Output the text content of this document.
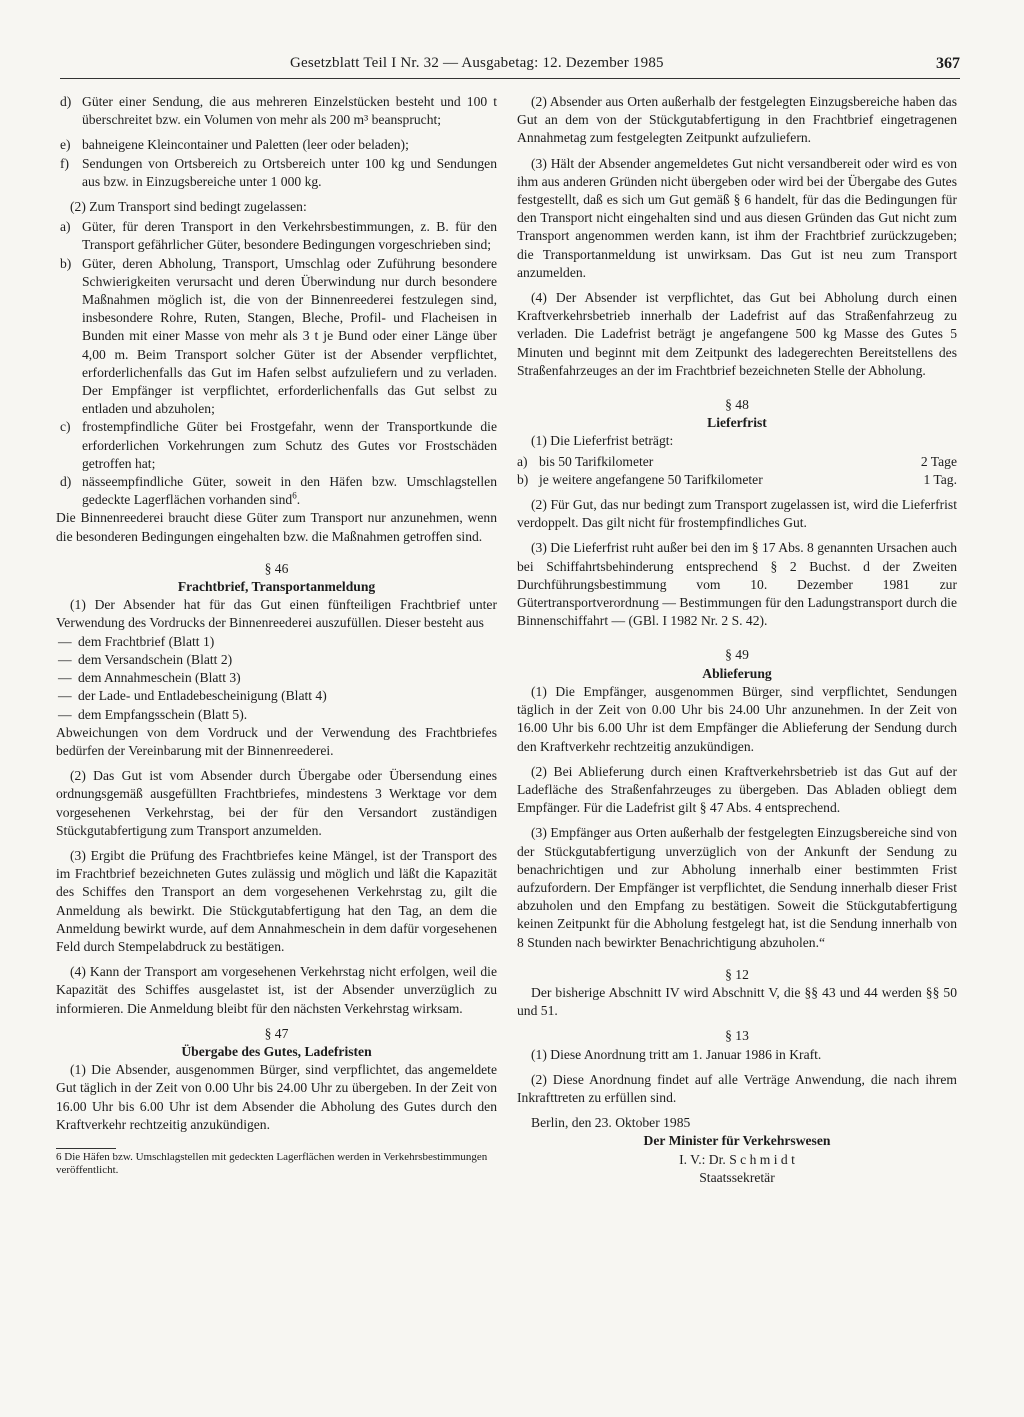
Gesetzblatt Teil I Nr. 32 — Ausgabetag: 12. Dezember 1985	367
d) Güter einer Sendung, die aus mehreren Einzelstücken besteht und 100 t überschreitet bzw. ein Volumen von mehr als 200 m³ beansprucht;
e) bahneigene Kleincontainer und Paletten (leer oder beladen);
f) Sendungen von Ortsbereich zu Ortsbereich unter 100 kg und Sendungen aus bzw. in Einzugsbereiche unter 1 000 kg.

(2) Zum Transport sind bedingt zugelassen:

a) Güter, für deren Transport in den Verkehrsbestimmungen, z. B. für den Transport gefährlicher Güter, besondere Bedingungen vorgeschrieben sind;
b) Güter, deren Abholung, Transport, Umschlag oder Zuführung besondere Schwierigkeiten verursacht und deren Überwindung nur durch besondere Maßnahmen möglich ist, die von der Binnenreederei festzulegen sind, insbesondere Rohre, Ruten, Stangen, Bleche, Profil- und Flacheisen in Bunden mit einer Masse von mehr als 3 t je Bund oder einer Länge über 4,00 m. Beim Transport solcher Güter ist der Absender verpflichtet, erforderlichenfalls das Gut im Hafen selbst aufzuliefern und zu verladen. Der Empfänger ist verpflichtet, erforderlichenfalls das Gut selbst zu entladen und abzuholen;
c) frostempfindliche Güter bei Frostgefahr, wenn der Transportkunde die erforderlichen Vorkehrungen zum Schutz des Gutes vor Frostschäden getroffen hat;
d) nässeempfindliche Güter, soweit in den Häfen bzw. Umschlagstellen gedeckte Lagerflächen vorhanden sind$^6$.

Die Binnenreederei braucht diese Güter zum Transport nur anzunehmen, wenn die besonderen Bedingungen eingehalten bzw. die Maßnahmen getroffen sind.

§ 46

Frachtbrief, Transportanmeldung

(1) Der Absender hat für das Gut einen fünfteiligen Frachtbrief unter Verwendung des Vordrucks der Binnenreederei auszufüllen. Dieser besteht aus

— dem Frachtbrief (Blatt 1)
— dem Versandschein (Blatt 2)
— dem Annahmeschein (Blatt 3)
— der Lade- und Entladebescheinigung (Blatt 4)
— dem Empfangsschein (Blatt 5).

Abweichungen von dem Vordruck und der Verwendung des Frachtbriefes bedürfen der Vereinbarung mit der Binnenreederei.

(2) Das Gut ist vom Absender durch Übergabe oder Übersendung eines ordnungsgemäß ausgefüllten Frachtbriefes, mindestens 3 Werktage vor dem vorgesehenen Verkehrstag, bei der für den Versandort zuständigen Stückgutabfertigung zum Transport anzumelden.

(3) Ergibt die Prüfung des Frachtbriefes keine Mängel, ist der Transport des im Frachtbrief bezeichneten Gutes zulässig und möglich und läßt die Kapazität des Schiffes den Transport an dem vorgesehenen Verkehrstag zu, gilt die Anmeldung als bewirkt. Die Stückgutabfertigung hat den Tag, an dem die Anmeldung bewirkt wurde, auf dem Annahmeschein in dem dafür vorgesehenen Feld durch Stempelabdruck zu bestätigen.

(4) Kann der Transport am vorgesehenen Verkehrstag nicht erfolgen, weil die Kapazität des Schiffes ausgelastet ist, ist der Absender unverzüglich zu informieren. Die Anmeldung bleibt für den nächsten Verkehrstag wirksam.

§ 47

Übergabe des Gutes, Ladefristen

(1) Die Absender, ausgenommen Bürger, sind verpflichtet, das angemeldete Gut täglich in der Zeit von 0.00 Uhr bis 24.00 Uhr zu übergeben. In der Zeit von 16.00 Uhr bis 6.00 Uhr ist dem Absender die Abholung des Gutes durch den Kraftverkehr rechtzeitig anzukündigen.

6 Die Häfen bzw. Umschlagstellen mit gedeckten Lagerflächen werden in Verkehrsbestimmungen veröffentlicht.

(2) Absender aus Orten außerhalb der festgelegten Einzugsbereiche haben das Gut an dem von der Stückgutabfertigung in den Frachtbrief eingetragenen Annahmetag zum festgelegten Zeitpunkt aufzuliefern.

(3) Hält der Absender angemeldetes Gut nicht versandbereit oder wird es von ihm aus anderen Gründen nicht übergeben oder wird bei der Übergabe des Gutes festgestellt, daß es sich um Gut gemäß § 6 handelt, für das die Bedingungen für den Transport nicht eingehalten sind und aus diesen Gründen das Gut nicht zum Transport angenommen werden kann, ist ihm der Frachtbrief zurückzugeben; die Transportanmeldung ist unwirksam. Das Gut ist neu zum Transport anzumelden.

(4) Der Absender ist verpflichtet, das Gut bei Abholung durch einen Kraftverkehrsbetrieb innerhalb der Ladefrist auf das Straßenfahrzeug zu verladen. Die Ladefrist beträgt je angefangene 500 kg Masse des Gutes 5 Minuten und beginnt mit dem Zeitpunkt des ladegerechten Bereitstellens des Straßenfahrzeuges an der im Frachtbrief bezeichneten Stelle der Abholung.

§ 48

Lieferfrist

(1) Die Lieferfrist beträgt:

a) bis 50 Tarifkilometer	2 Tage
b) je weitere angefangene 50 Tarifkilometer	1 Tag.

(2) Für Gut, das nur bedingt zum Transport zugelassen ist, wird die Lieferfrist verdoppelt. Das gilt nicht für frostempfindliches Gut.

(3) Die Lieferfrist ruht außer bei den im § 17 Abs. 8 genannten Ursachen auch bei Schiffahrtsbehinderung entsprechend § 2 Buchst. d der Zweiten Durchführungsbestimmung vom 10. Dezember 1981 zur Gütertransportverordnung — Bestimmungen für den Ladungstransport durch die Binnenschiffahrt — (GBl. I 1982 Nr. 2 S. 42).

§ 49

Ablieferung

(1) Die Empfänger, ausgenommen Bürger, sind verpflichtet, Sendungen täglich in der Zeit von 0.00 Uhr bis 24.00 Uhr anzunehmen. In der Zeit von 16.00 Uhr bis 6.00 Uhr ist dem Empfänger die Ablieferung der Sendung durch den Kraftverkehr rechtzeitig anzukündigen.

(2) Bei Ablieferung durch einen Kraftverkehrsbetrieb ist das Gut auf der Ladefläche des Straßenfahrzeuges zu übergeben. Das Abladen obliegt dem Empfänger. Für die Ladefrist gilt § 47 Abs. 4 entsprechend.

(3) Empfänger aus Orten außerhalb der festgelegten Einzugsbereiche sind von der Stückgutabfertigung unverzüglich von der Ankunft der Sendung zu benachrichtigen und zur Abholung innerhalb einer bestimmten Frist aufzufordern. Der Empfänger ist verpflichtet, die Sendung innerhalb dieser Frist abzuholen und den Empfang zu bestätigen. Soweit die Stückgutabfertigung keinen Zeitpunkt für die Abholung festgelegt hat, ist die Sendung innerhalb von 8 Stunden nach bewirkter Benachrichtigung abzuholen.“

§ 12

Der bisherige Abschnitt IV wird Abschnitt V, die §§ 43 und 44 werden §§ 50 und 51.

§ 13

(1) Diese Anordnung tritt am 1. Januar 1986 in Kraft.

(2) Diese Anordnung findet auf alle Verträge Anwendung, die nach ihrem Inkrafttreten zu erfüllen sind.

Berlin, den 23. Oktober 1985

Der Minister für Verkehrswesen

I. V.: Dr. S c h m i d t

Staatssekretär
